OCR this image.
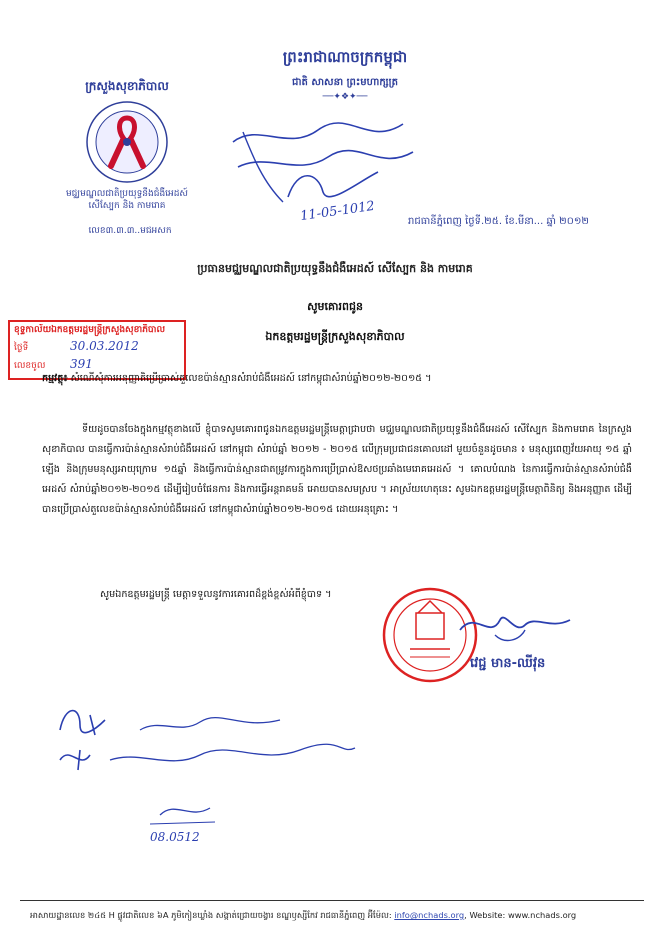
ព្រះរាជាណាចក្រកម្ពុជា
ជាតិ សាសនា ព្រះមហាក្សត្រ
──✦❖✦──
ក្រសួងសុខាភិបាល
មជ្ឈមណ្ឌលជាតិប្រយុទ្ធនឹងជំងឺអេដស៍
សើស្បែក និង កាមរោគ
លេខ៣.៣.៣..មជអសក
11-05-1012	រាជធានីភ្នំពេញ ថ្ងៃទី.២៥. ខែ.មីនា... ឆ្នាំ ២០១២
ប្រធានមជ្ឈមណ្ឌលជាតិប្រយុទ្ធនឹងជំងឺអេដស៍ សើស្បែក និង កាមរោគ
សូមគោរពជូន
ឯកឧត្តមរដ្ឋមន្ត្រីក្រសួងសុខាភិបាល
ខុទ្ទកាល័យឯកឧត្តមរដ្ឋមន្ត្រីក្រសួងសុខាភិបាល
ថ្ងៃទី	30.03.2012
លេខចូល 391
កម្មវត្ថុ៖ សំណើសុំការអនុញ្ញាតិប្រើប្រាស់តួលេខប៉ាន់ស្មានសំរាប់ជំងឺអេដស៍ នៅកម្ពុជាសំរាប់ឆ្នាំ២០១២-២០១៥ ។
ទីយដូចបានចែងក្នុងកម្មវត្ថុខាងលើ ខ្ញុំបាទសូមគោរពជូនឯកឧត្តមរដ្ឋមន្ត្រីមេត្តាជ្រាបថា មជ្ឈមណ្ឌលជាតិប្រយុទ្ធនឹងជំងឺអេដស៍ សើស្បែក និងកាមរោគ នៃក្រសួងសុខាភិបាល បានធ្វើការប៉ាន់ស្មានសំរាប់ជំងឺអេដស៍ នៅកម្ពុជា សំរាប់ឆ្នាំ ២០១២ - ២០១៥ លើក្រុមប្រជាជនគោលដៅ មួយចំនួនដូចមាន ៖ មនុស្សពេញវ័យអាយុ ១៥ ឆ្នាំឡើង និងក្រុមមនុស្សអាយុក្រោម ១៥ឆ្នាំ និងធ្វើការប៉ាន់ស្មានជាតម្រូវការក្នុងការប្រើប្រាស់ឱសថប្រឆាំងមេរោគអេដស៍ ។ គោលបំណង នៃការធ្វើការប៉ាន់ស្មានសំរាប់ជំងឺអេដស៍ សំរាប់ឆ្នាំ២០១២-២០១៥ ដើម្បីរៀបចំផែនការ និងការធ្វើអន្តរាគមន៍ អោយបានសមស្រប ។ អាស្រ័យហេតុនេះ សូមឯកឧត្តមរដ្ឋមន្ត្រីមេត្តាពិនិត្យ និងអនុញ្ញាត ដើម្បីបានប្រើប្រាស់តួលេខប៉ាន់ស្មានសំរាប់ជំងឺអេដស៍ នៅកម្ពុជាសំរាប់ឆ្នាំ២០១២-២០១៥ ដោយអនុគ្រោះ ។
សូមឯកឧត្តមរដ្ឋមន្ត្រី មេត្តាទទួលនូវការគោរពដ៏ខ្ពង់ខ្ពស់អំពីខ្ញុំបាទ ។
វេជ្ជ មាន-ឈីវុន
08.0512
អាសាយដ្ឋានលេខ ២៤៥ H ផ្លូវជាតិលេខ ៦A ភូមិកៀនឃ្លាំង សង្កាត់ជ្រោយចង្វារ ខណ្ឌឫស្សីកែវ រាជធានីភ្នំពេញ អ៊ីម៉ែល: info@nchads.org, Website: www.nchads.org
